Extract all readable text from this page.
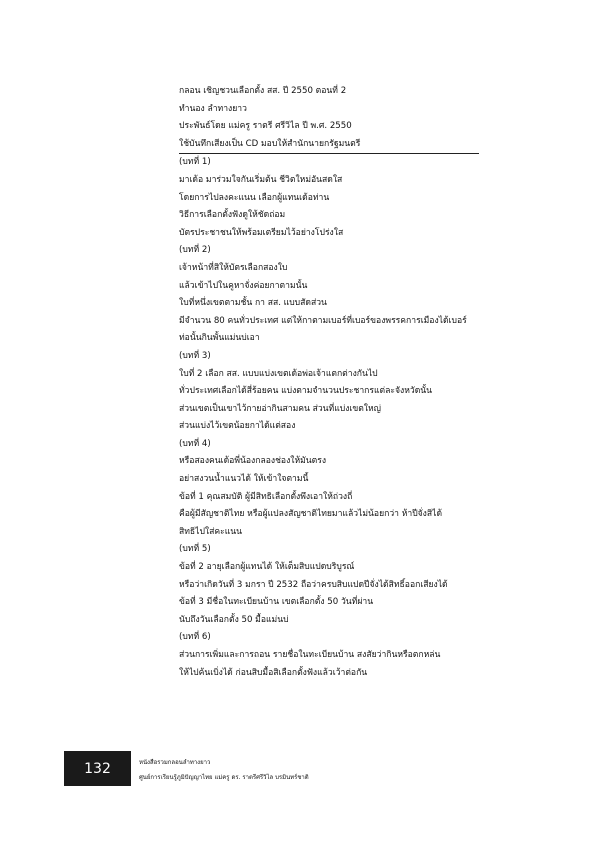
กลอน เชิญชวนเลือกตั้ง สส. ปี 2550 ตอนที่ 2
ทำนอง ลำทางยาว
ประพันธ์โดย แม่ครู ราตรี ศรีวิไล ปี พ.ศ. 2550
ใช้บันทึกเสียงเป็น CD มอบให้สำนักนายกรัฐมนตรี
(บทที่ 1)
มาเด้อ มาร่วมใจกันเริ่มต้น ชีวิตใหม่อันสดใส
โดยการไปลงคะแนน เลือกผู้แทนเด้อท่าน
วิธีการเลือกตั้งฟังดูให้ชัดถ่อม
บัตรประชาชนให้พร้อมเตรียมไว้อย่างโปร่งใส
(บทที่ 2)
เจ้าหน้าที่สิให้บัตรเลือกสองใบ
แล้วเข้าไปในคูหาจั่งค่อยกาตามนั้น
ใบที่หนึ่งเขตตามชั้น กา สส. แบบสัดส่วน
มีจำนวน 80 คนทั่วประเทศ แต่ให้กาตามเบอร์ที่เบอร์ของพรรคการเมืองได้เบอร์
ท่อนั้นกินพั้นแม่นบ่เอา
(บทที่ 3)
ใบที่ 2 เลือก สส. แบบแบ่งเขตเด้อพ่อเจ้าแตกต่างกันไป
ทั่วประเทศเลือกได้สี่ร้อยคน แบ่งตามจำนวนประชากรแต่ละจังหวัดนั้น
ส่วนเขตเป็นเขาไว้กายอ่ากินสามคน ส่วนที่แบ่งเขตใหญ่
ส่วนแบ่งไว้เขตน้อยกาได้แต่สอง
(บทที่ 4)
หรือสองคนเด้อพี่น้องกลองช่องให้มันตรง
อย่าสงวนน้ำแนวได้ ให้เข้าใจตามนี้
ข้อที่ 1 คุณสมบัติ ผู้มีสิทธิเลือกตั้งพึงเอาให้ถ่วงถี่
คือผู้มีสัญชาติไทย หรือผู้แปลงสัญชาติไทยมาแล้วไม่น้อยกว่า ห้าปีจั่งสิได้
สิทธิไปใส่คะแนน
(บทที่ 5)
ข้อที่ 2 อายุเลือกผู้แทนได้ ให้เต็มสิบแปดบริบูรณ์
หรือว่าเกิดวันที่ 3 มกรา ปี 2532 ถือว่าครบสิบแปดปีจั่งได้สิทธิ์ออกเสียงได้
ข้อที่ 3 มีชื่อในทะเบียนบ้าน เขตเลือกตั้ง 50 วันที่ผ่าน
นับถึงวันเลือกตั้ง 50 มื้อแม่นบ่
(บทที่ 6)
ส่วนการเพิ่มและการถอน รายชื่อในทะเบียนบ้าน สงสัยว่ากินหรือตกหล่น
ให้ไปค้นเบิ่งได้ ก่อนสิบมื้อสิเลือกตั้งฟังแล้วเว้าต่อกัน
132	หนังสือรวมกลอนลำทางยาว
ศูนย์การเรียนรู้ภูมิปัญญาไทย แม่ครู ดร. ราตรีศรีวิไล บรมินทร์ชาติ
